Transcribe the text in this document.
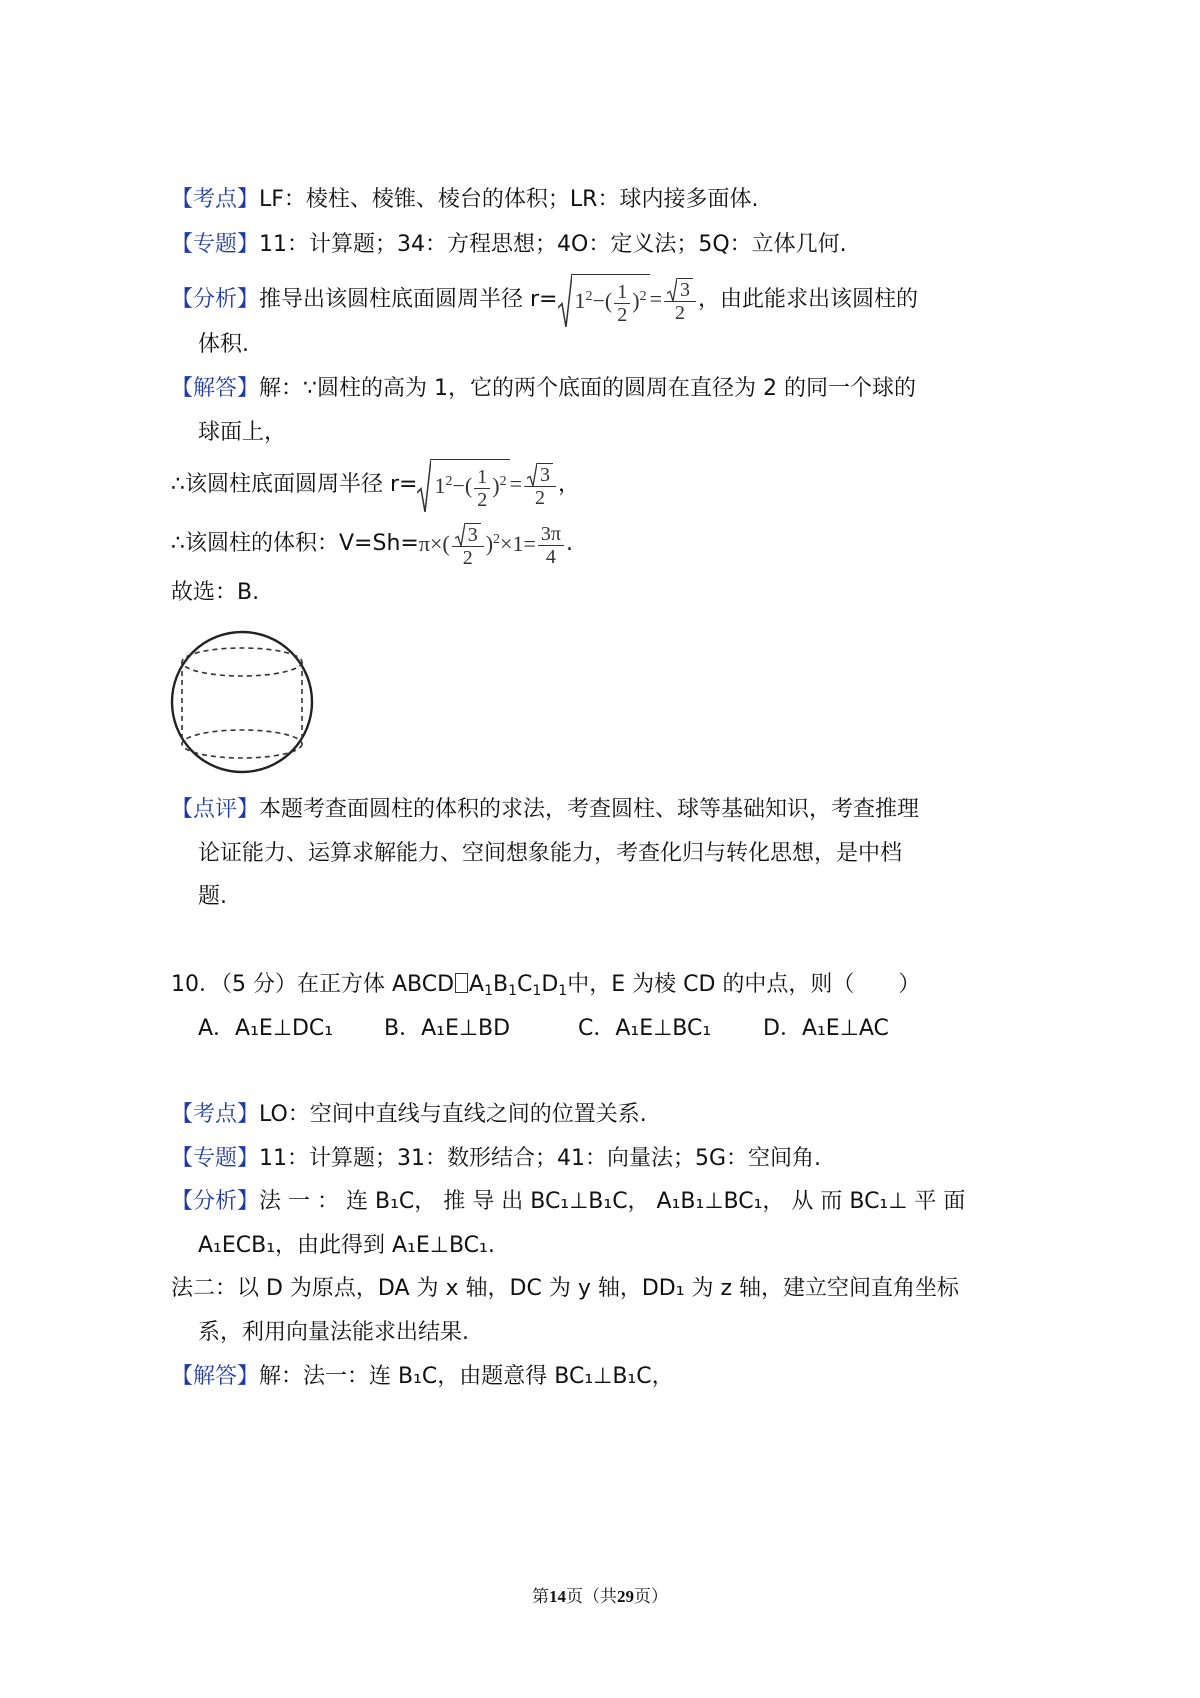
【考点】LF：棱柱、棱锥、棱台的体积；LR：球内接多面体.
【专题】11：计算题；34：方程思想；4O：定义法；5Q：立体几何.
【分析】推导出该圆柱底面圆周半径 $r= 1^2-( \frac{1}{2} )^2 = \frac{3}{2}$ ，由此能求出该圆柱的
体积.
【解答】解：∵圆柱的高为 1，它的两个底面的圆周在直径为 2 的同一个球的
球面上，
∴该圆柱底面圆周半径 $r= 1^2-( \frac{1}{2} )^2 = \frac{3}{2}$ ，
∴该圆柱的体积：$V=Sh=\pi\times( \frac{3}{2} )^2\times 1= \frac{3\pi}{4}$ .
故选：B.
【点评】本题考查面圆柱的体积的求法，考查圆柱、球等基础知识，考查推理
论证能力、运算求解能力、空间想象能力，考查化归与转化思想，是中档
题.
10．（5 分）在正方体 ABCD $A_1B_1C_1D_1$中，E 为棱 CD 的中点，则（　　）
A．A₁E⊥DC₁ B．A₁E⊥BD	C．A₁E⊥BC₁ D．A₁E⊥AC
【考点】LO：空间中直线与直线之间的位置关系.
【专题】11：计算题；31：数形结合；41：向量法；5G：空间角.
【分析】法 一 ： 连 B₁C， 推 导 出 BC₁⊥B₁C， A₁B₁⊥BC₁， 从 而 BC₁⊥ 平 面
A₁ECB₁，由此得到 A₁E⊥BC₁.
法二：以 D 为原点，DA 为 x 轴，DC 为 y 轴，DD₁ 为 z 轴，建立空间直角坐标
系，利用向量法能求出结果.
【解答】解：法一：连 B₁C，由题意得 BC₁⊥B₁C，
第14页（共29页）
